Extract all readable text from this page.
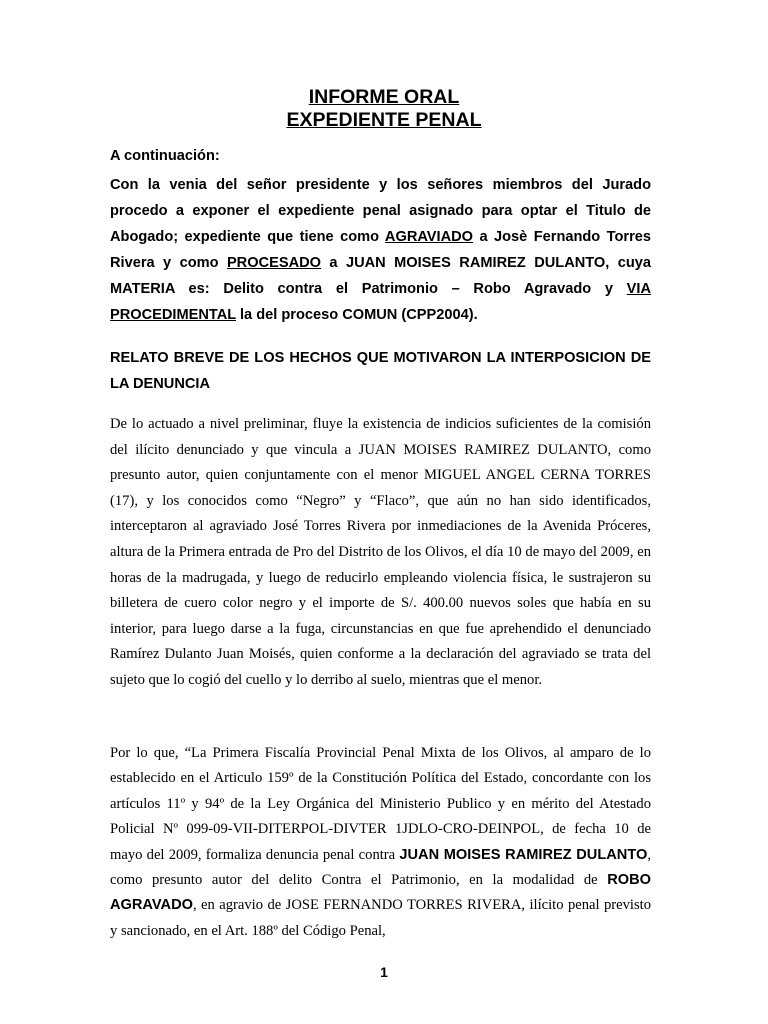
INFORME ORAL
EXPEDIENTE PENAL
A continuación:
Con la venia del señor presidente y los señores miembros del Jurado procedo a exponer el expediente penal asignado para optar el Titulo de Abogado; expediente que tiene como AGRAVIADO a Josè Fernando Torres Rivera y como PROCESADO a JUAN MOISES RAMIREZ DULANTO, cuya MATERIA es: Delito contra el Patrimonio – Robo Agravado y VIA PROCEDIMENTAL la del proceso COMUN (CPP2004).
RELATO BREVE DE LOS HECHOS QUE MOTIVARON LA INTERPOSICION DE LA DENUNCIA
De lo actuado a nivel preliminar, fluye la existencia de indicios suficientes de la comisión del ilícito denunciado y que vincula a JUAN MOISES RAMIREZ DULANTO, como presunto autor, quien conjuntamente con el menor MIGUEL ANGEL CERNA TORRES (17), y los conocidos como “Negro” y “Flaco”, que aún no han sido identificados, interceptaron al agraviado José Torres Rivera por inmediaciones de la Avenida Próceres, altura de la Primera entrada de Pro del Distrito de los Olivos, el día 10 de mayo del 2009, en horas de la madrugada, y luego de reducirlo empleando violencia física, le sustrajeron su billetera de cuero color negro y el importe de S/. 400.00 nuevos soles que había en su interior, para luego darse a la fuga, circunstancias en que fue aprehendido el denunciado Ramírez Dulanto Juan Moisés, quien conforme a la declaración del agraviado se trata del sujeto que lo cogió del cuello y lo derribo al suelo, mientras que el menor.
Por lo que, “La Primera Fiscalía Provincial Penal Mixta de los Olivos, al amparo de lo establecido en el Articulo 159º de la Constitución Política del Estado, concordante con los artículos 11º y 94º de la Ley Orgánica del Ministerio Publico y en mérito del Atestado Policial Nº 099-09-VII-DITERPOL-DIVTER 1JDLO-CRO-DEINPOL, de fecha 10 de mayo del 2009, formaliza denuncia penal contra JUAN MOISES RAMIREZ DULANTO, como presunto autor del delito Contra el Patrimonio, en la modalidad de ROBO AGRAVADO, en agravio de JOSE FERNANDO TORRES RIVERA, ilícito penal previsto y sancionado, en el Art. 188º del Código Penal,
1
